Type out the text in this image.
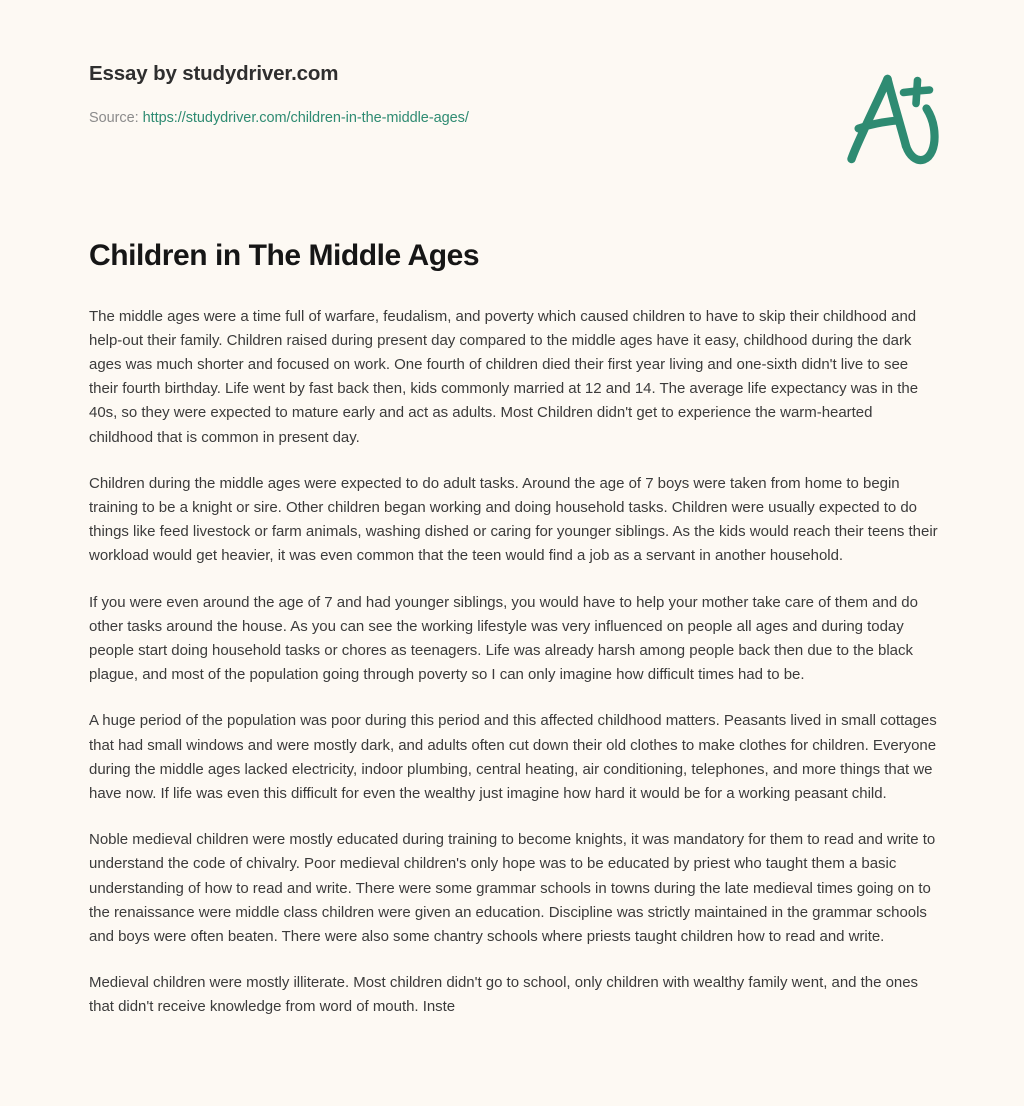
Essay by studydriver.com
Source: https://studydriver.com/children-in-the-middle-ages/
Children in The Middle Ages

The middle ages were a time full of warfare, feudalism, and poverty which caused children to have to skip their childhood and help-out their family. Children raised during present day compared to the middle ages have it easy, childhood during the dark ages was much shorter and focused on work. One fourth of children died their first year living and one-sixth didn't live to see their fourth birthday. Life went by fast back then, kids commonly married at 12 and 14. The average life expectancy was in the 40s, so they were expected to mature early and act as adults. Most Children didn't get to experience the warm-hearted childhood that is common in present day.

Children during the middle ages were expected to do adult tasks. Around the age of 7 boys were taken from home to begin training to be a knight or sire. Other children began working and doing household tasks. Children were usually expected to do things like feed livestock or farm animals, washing dished or caring for younger siblings. As the kids would reach their teens their workload would get heavier, it was even common that the teen would find a job as a servant in another household.

If you were even around the age of 7 and had younger siblings, you would have to help your mother take care of them and do other tasks around the house. As you can see the working lifestyle was very influenced on people all ages and during today people start doing household tasks or chores as teenagers. Life was already harsh among people back then due to the black plague, and most of the population going through poverty so I can only imagine how difficult times had to be.

A huge period of the population was poor during this period and this affected childhood matters. Peasants lived in small cottages that had small windows and were mostly dark, and adults often cut down their old clothes to make clothes for children. Everyone during the middle ages lacked electricity, indoor plumbing, central heating, air conditioning, telephones, and more things that we have now. If life was even this difficult for even the wealthy just imagine how hard it would be for a working peasant child.

Noble medieval children were mostly educated during training to become knights, it was mandatory for them to read and write to understand the code of chivalry. Poor medieval children's only hope was to be educated by priest who taught them a basic understanding of how to read and write. There were some grammar schools in towns during the late medieval times going on to the renaissance were middle class children were given an education. Discipline was strictly maintained in the grammar schools and boys were often beaten. There were also some chantry schools where priests taught children how to read and write.

Medieval children were mostly illiterate. Most children didn't go to school, only children with wealthy family went, and the ones that didn't receive knowledge from word of mouth. Inste
